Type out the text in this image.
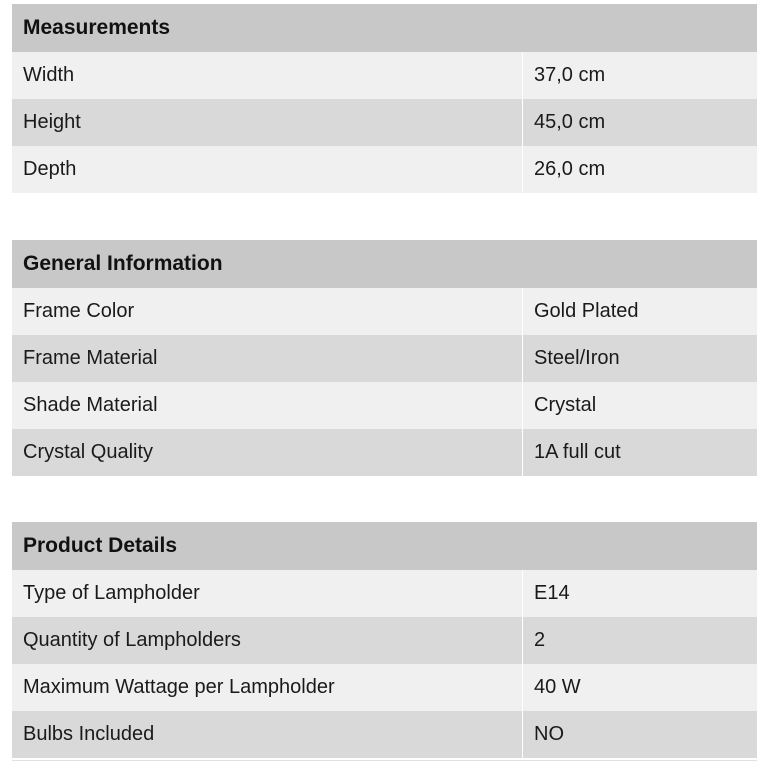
Measurements
Width	37,0 cm
Height	45,0 cm
Depth	26,0 cm
General Information
Frame Color	Gold Plated
Frame Material	Steel/Iron
Shade Material	Crystal
Crystal Quality	1A full cut
Product Details
Type of Lampholder	E14
Quantity of Lampholders	2
Maximum Wattage per Lampholder	40 W
Bulbs Included	NO
